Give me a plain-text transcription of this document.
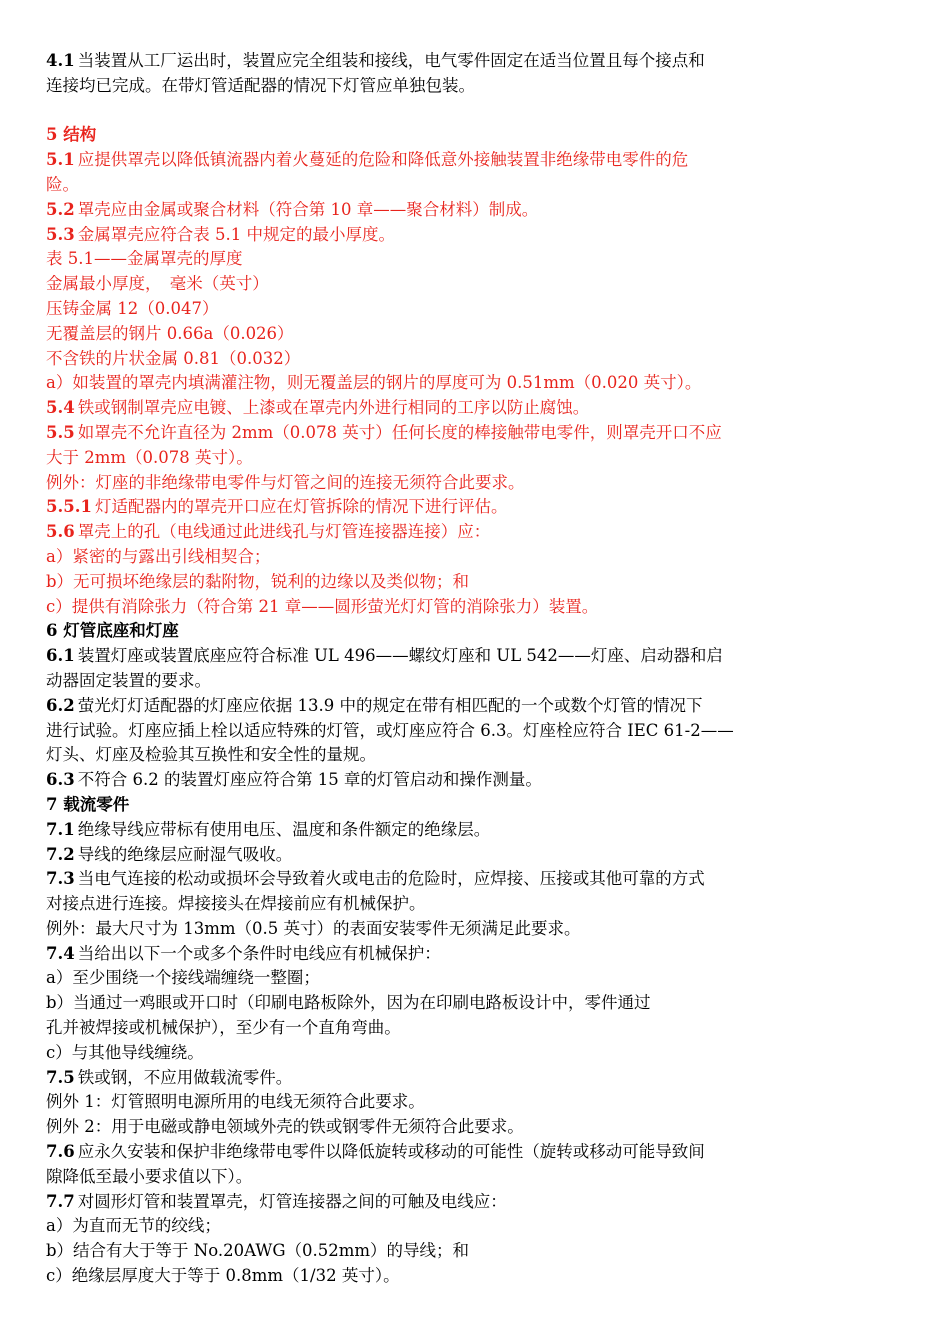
4.1 当装置从工厂运出时，装置应完全组装和接线，电气零件固定在适当位置且每个接点和
连接均已完成。在带灯管适配器的情况下灯管应单独包装。
5 结构
5.1 应提供罩壳以降低镇流器内着火蔓延的危险和降低意外接触装置非绝缘带电零件的危
险。
5.2 罩壳应由金属或聚合材料（符合第 10 章——聚合材料）制成。
5.3 金属罩壳应符合表 5.1 中规定的最小厚度。
表 5.1——金属罩壳的厚度
金属最小厚度，　毫米（英寸）
压铸金属 12（0.047）
无覆盖层的钢片 0.66a（0.026）
不含铁的片状金属 0.81（0.032）
a）如装置的罩壳内填满灌注物，则无覆盖层的钢片的厚度可为 0.51mm（0.020 英寸）。
5.4 铁或钢制罩壳应电镀、上漆或在罩壳内外进行相同的工序以防止腐蚀。
5.5 如罩壳不允许直径为 2mm（0.078 英寸）任何长度的棒接触带电零件，则罩壳开口不应
大于 2mm（0.078 英寸）。
例外：灯座的非绝缘带电零件与灯管之间的连接无须符合此要求。
5.5.1 灯适配器内的罩壳开口应在灯管拆除的情况下进行评估。
5.6 罩壳上的孔（电线通过此进线孔与灯管连接器连接）应：
a）紧密的与露出引线相契合；
b）无可损坏绝缘层的黏附物，锐利的边缘以及类似物；和
c）提供有消除张力（符合第 21 章——圆形萤光灯灯管的消除张力）装置。
6 灯管底座和灯座
6.1 装置灯座或装置底座应符合标准 UL 496——螺纹灯座和 UL 542——灯座、启动器和启
动器固定装置的要求。
6.2 萤光灯灯适配器的灯座应依据 13.9 中的规定在带有相匹配的一个或数个灯管的情况下
进行试验。灯座应插上栓以适应特殊的灯管，或灯座应符合 6.3。灯座栓应符合 IEC 61-2——
灯头、灯座及检验其互换性和安全性的量规。
6.3 不符合 6.2 的装置灯座应符合第 15 章的灯管启动和操作测量。
7 载流零件
7.1 绝缘导线应带标有使用电压、温度和条件额定的绝缘层。
7.2 导线的绝缘层应耐湿气吸收。
7.3 当电气连接的松动或损坏会导致着火或电击的危险时，应焊接、压接或其他可靠的方式
对接点进行连接。焊接接头在焊接前应有机械保护。
例外：最大尺寸为 13mm（0.5 英寸）的表面安装零件无须满足此要求。
7.4 当给出以下一个或多个条件时电线应有机械保护：
a）至少围绕一个接线端缠绕一整圈；
b）当通过一鸡眼或开口时（印刷电路板除外，因为在印刷电路板设计中，零件通过
孔并被焊接或机械保护），至少有一个直角弯曲。
c）与其他导线缠绕。
7.5 铁或钢，不应用做载流零件。
例外 1：灯管照明电源所用的电线无须符合此要求。
例外 2：用于电磁或静电领域外壳的铁或钢零件无须符合此要求。
7.6 应永久安装和保护非绝缘带电零件以降低旋转或移动的可能性（旋转或移动可能导致间
隙降低至最小要求值以下）。
7.7 对圆形灯管和装置罩壳，灯管连接器之间的可触及电线应：
a）为直而无节的绞线；
b）结合有大于等于 No.20AWG（0.52mm）的导线；和
c）绝缘层厚度大于等于 0.8mm（1/32 英寸）。
